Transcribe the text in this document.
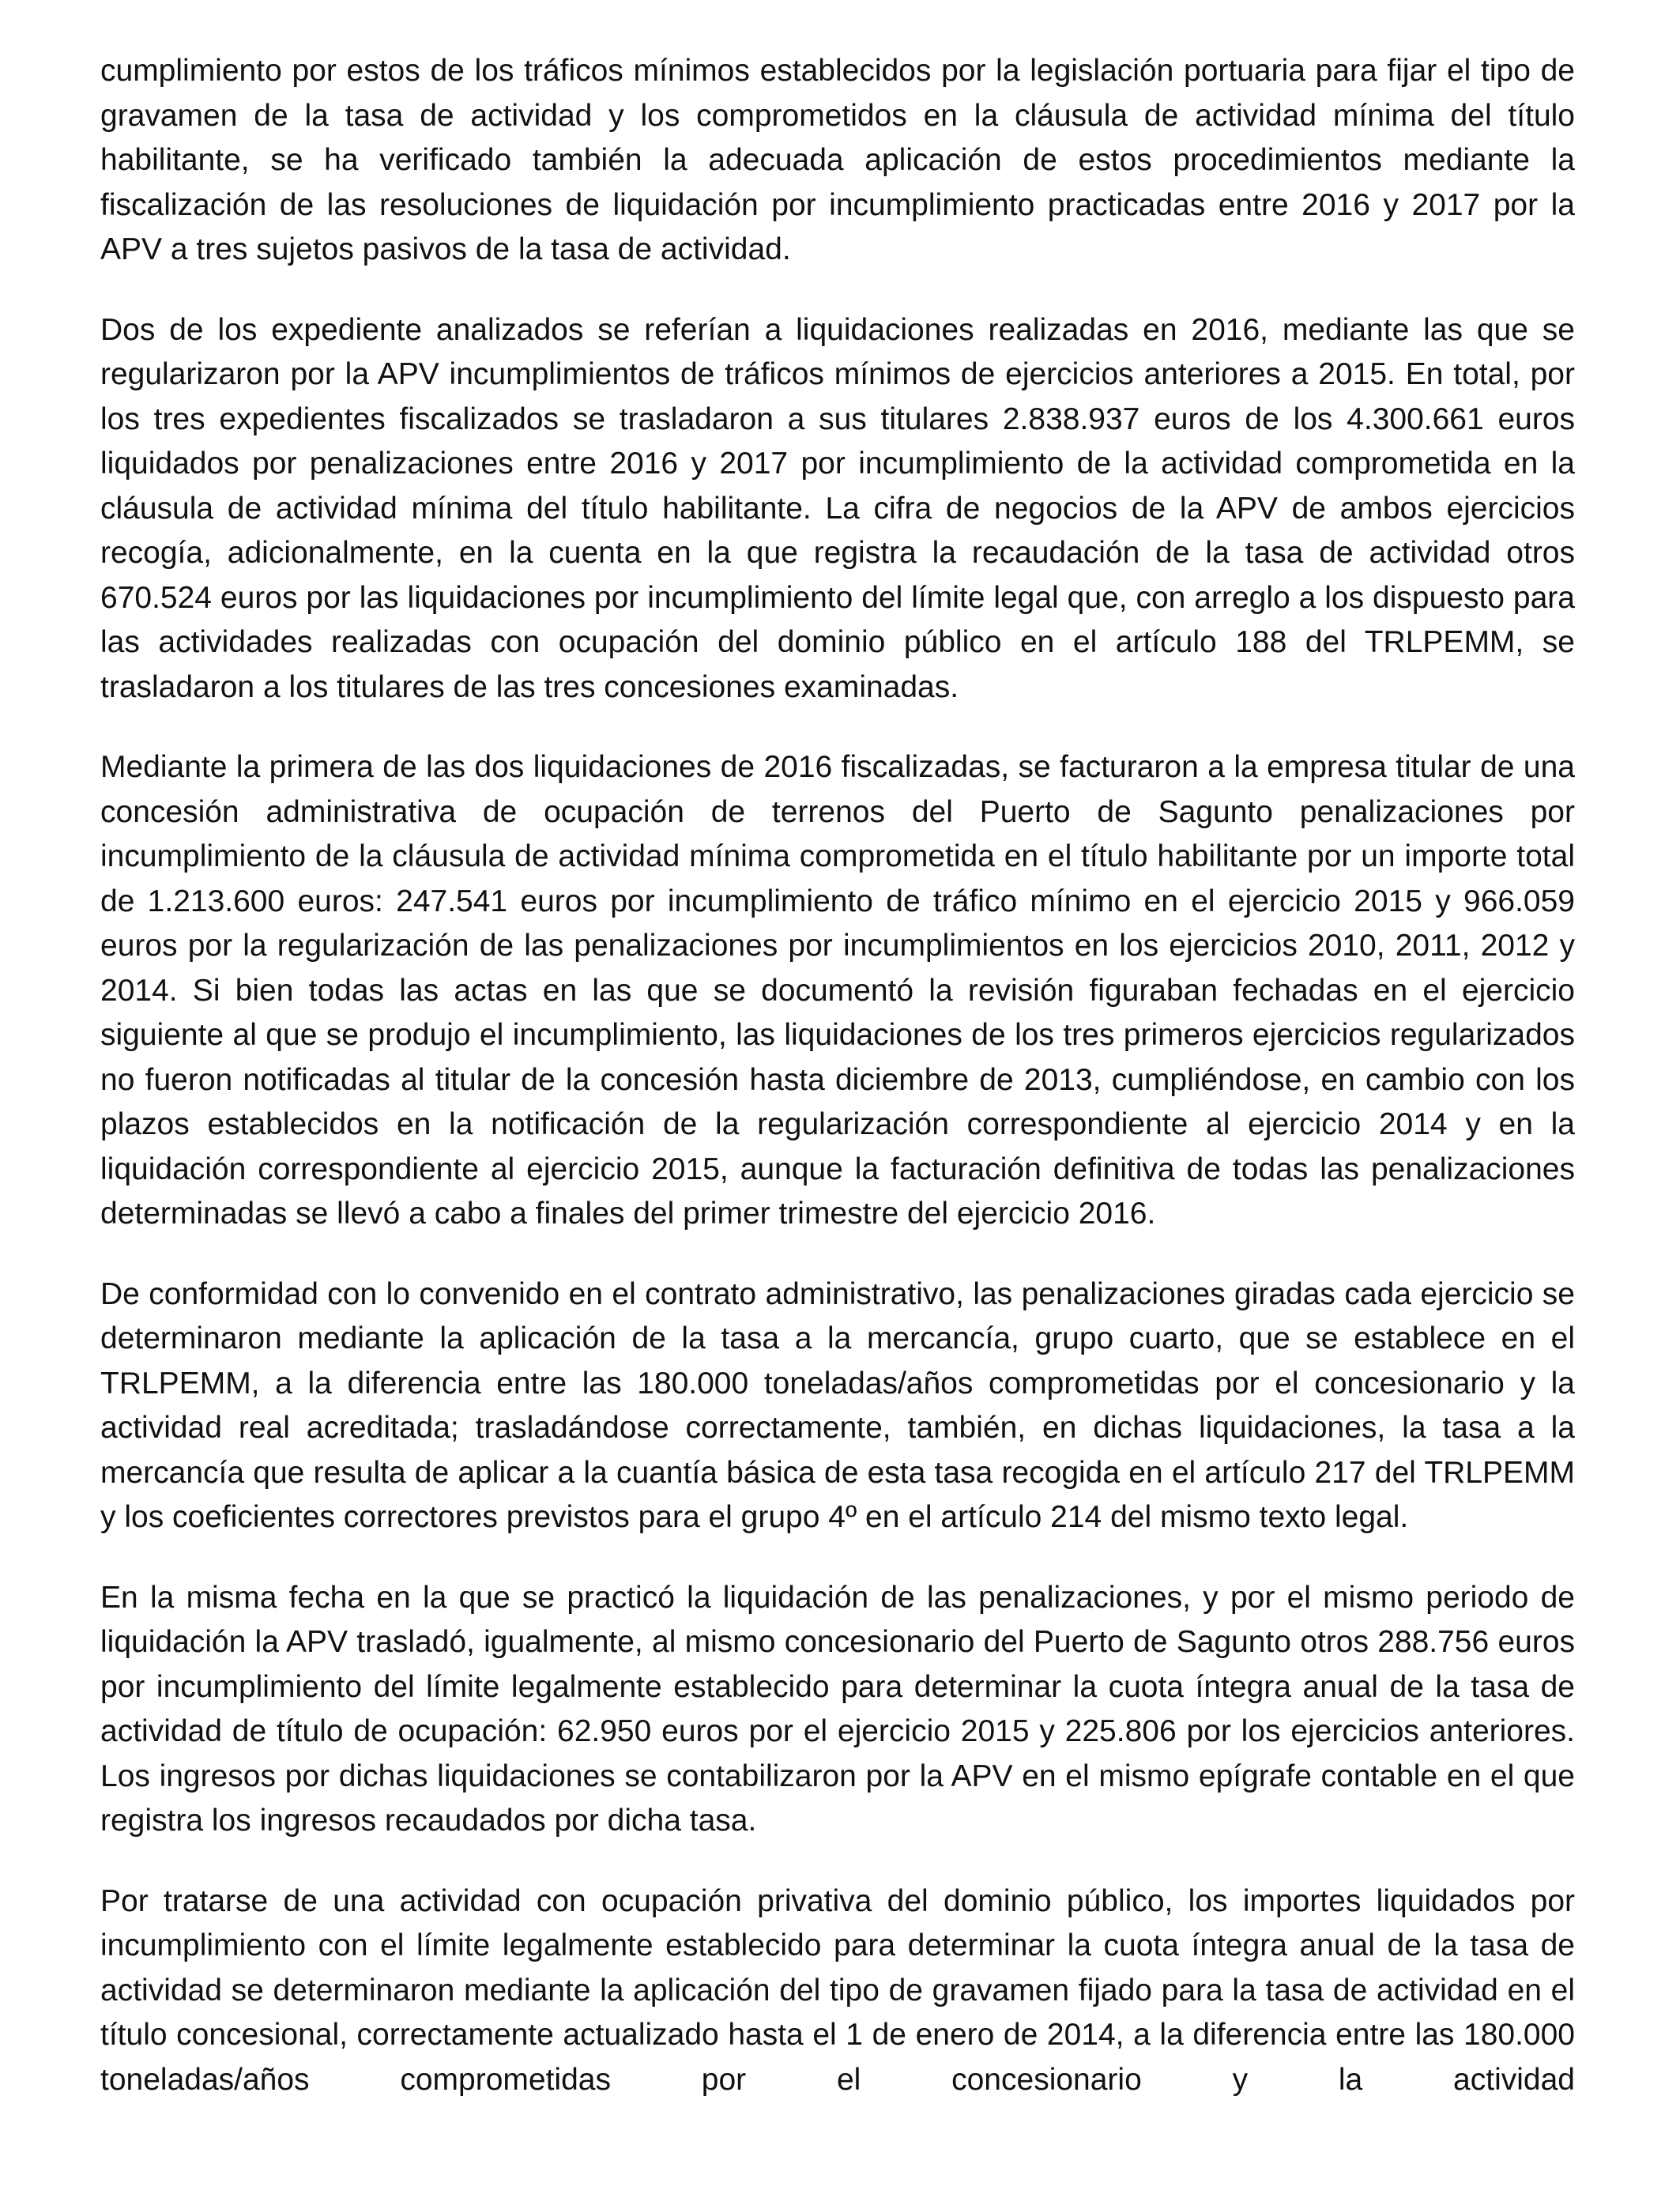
cumplimiento por estos de los tráficos mínimos establecidos por la legislación portuaria para fijar el tipo de gravamen de la tasa de actividad y los comprometidos en la cláusula de actividad mínima del título habilitante, se ha verificado también la adecuada aplicación de estos procedimientos mediante la fiscalización de las resoluciones de liquidación por incumplimiento practicadas entre 2016 y 2017 por la APV a tres sujetos pasivos de la tasa de actividad.

Dos de los expediente analizados se referían a liquidaciones realizadas en 2016, mediante las que se regularizaron por la APV incumplimientos de tráficos mínimos de ejercicios anteriores a 2015. En total, por los tres expedientes fiscalizados se trasladaron a sus titulares 2.838.937 euros de los 4.300.661 euros liquidados por penalizaciones entre 2016 y 2017 por incumplimiento de la actividad comprometida en la cláusula de actividad mínima del título habilitante. La cifra de negocios de la APV de ambos ejercicios recogía, adicionalmente, en la cuenta en la que registra la recaudación de la tasa de actividad otros 670.524 euros por las liquidaciones por incumplimiento del límite legal que, con arreglo a los dispuesto para las actividades realizadas con ocupación del dominio público en el artículo 188 del TRLPEMM, se trasladaron a los titulares de las tres concesiones examinadas.

Mediante la primera de las dos liquidaciones de 2016 fiscalizadas, se facturaron a la empresa titular de una concesión administrativa de ocupación de terrenos del Puerto de Sagunto penalizaciones por incumplimiento de la cláusula de actividad mínima comprometida en el título habilitante por un importe total de 1.213.600 euros: 247.541 euros por incumplimiento de tráfico mínimo en el ejercicio 2015 y 966.059 euros por la regularización de las penalizaciones por incumplimientos en los ejercicios 2010, 2011, 2012 y 2014. Si bien todas las actas en las que se documentó la revisión figuraban fechadas en el ejercicio siguiente al que se produjo el incumplimiento, las liquidaciones de los tres primeros ejercicios regularizados no fueron notificadas al titular de la concesión hasta diciembre de 2013, cumpliéndose, en cambio con los plazos establecidos en la notificación de la regularización correspondiente al ejercicio 2014 y en la liquidación correspondiente al ejercicio 2015, aunque la facturación definitiva de todas las penalizaciones determinadas se llevó a cabo a finales del primer trimestre del ejercicio 2016.

De conformidad con lo convenido en el contrato administrativo, las penalizaciones giradas cada ejercicio se determinaron mediante la aplicación de la tasa a la mercancía, grupo cuarto, que se establece en el TRLPEMM, a la diferencia entre las 180.000 toneladas/años comprometidas por el concesionario y la actividad real acreditada; trasladándose correctamente, también, en dichas liquidaciones, la tasa a la mercancía que resulta de aplicar a la cuantía básica de esta tasa recogida en el artículo 217 del TRLPEMM y los coeficientes correctores previstos para el grupo 4º en el artículo 214 del mismo texto legal.

En la misma fecha en la que se practicó la liquidación de las penalizaciones, y por el mismo periodo de liquidación la APV trasladó, igualmente, al mismo concesionario del Puerto de Sagunto otros 288.756 euros por incumplimiento del límite legalmente establecido para determinar la cuota íntegra anual de la tasa de actividad de título de ocupación: 62.950 euros por el ejercicio 2015 y 225.806 por los ejercicios anteriores. Los ingresos por dichas liquidaciones se contabilizaron por la APV en el mismo epígrafe contable en el que registra los ingresos recaudados por dicha tasa.

Por tratarse de una actividad con ocupación privativa del dominio público, los importes liquidados por incumplimiento con el límite legalmente establecido para determinar la cuota íntegra anual de la tasa de actividad se determinaron mediante la aplicación del tipo de gravamen fijado para la tasa de actividad en el título concesional, correctamente actualizado hasta el 1 de enero de 2014, a la diferencia entre las 180.000 toneladas/años comprometidas por el concesionario y la actividad
